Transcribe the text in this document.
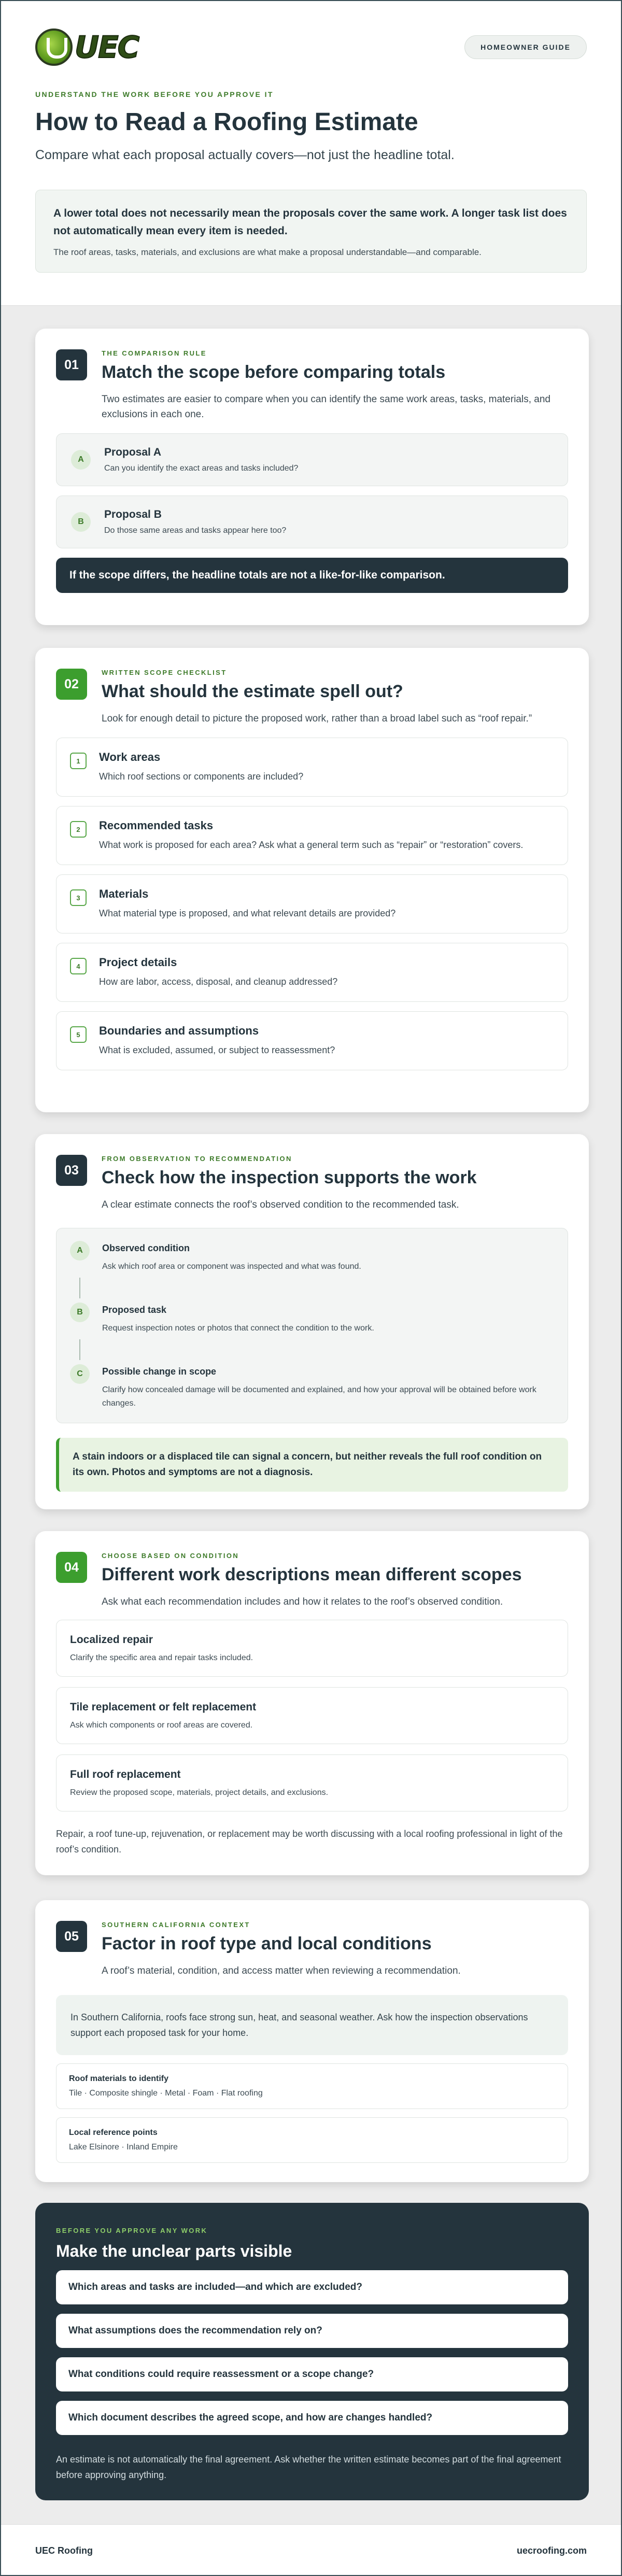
UEC	HOMEOWNER GUIDE
UNDERSTAND THE WORK BEFORE YOU APPROVE IT
How to Read a Roofing Estimate

Compare what each proposal actually covers—not just the headline total.

A lower total does not necessarily mean the proposals cover the same work. A longer task list does not automatically mean every item is needed.

The roof areas, tasks, materials, and exclusions are what make a proposal understandable—and comparable.

01
THE COMPARISON RULE
Match the scope before comparing totals

Two estimates are easier to compare when you can identify the same work areas, tasks, materials, and exclusions in each one.

A
Proposal A
Can you identify the exact areas and tasks included?
B
Proposal B
Do those same areas and tasks appear here too?
If the scope differs, the headline totals are not a like-for-like comparison.
02
WRITTEN SCOPE CHECKLIST
What should the estimate spell out?

Look for enough detail to picture the proposed work, rather than a broad label such as “roof repair.”

1	Work areas
Which roof sections or components are included?
2	Recommended tasks
What work is proposed for each area? Ask what a general term such as “repair” or “restoration” covers.
3	Materials
What material type is proposed, and what relevant details are provided?
4	Project details
How are labor, access, disposal, and cleanup addressed?
5	Boundaries and assumptions
What is excluded, assumed, or subject to reassessment?
03
FROM OBSERVATION TO RECOMMENDATION
Check how the inspection supports the work

A clear estimate connects the roof’s observed condition to the recommended task.

A	Observed condition
Ask which roof area or component was inspected and what was found.
B	Proposed task
Request inspection notes or photos that connect the condition to the work.
C	Possible change in scope
Clarify how concealed damage will be documented and explained, and how your approval will be obtained before work changes.
A stain indoors or a displaced tile can signal a concern, but neither reveals the full roof condition on its own. Photos and symptoms are not a diagnosis.
04
CHOOSE BASED ON CONDITION
Different work descriptions mean different scopes

Ask what each recommendation includes and how it relates to the roof’s observed condition.

Localized repair
Clarify the specific area and repair tasks included.
Tile replacement or felt replacement
Ask which components or roof areas are covered.
Full roof replacement
Review the proposed scope, materials, project details, and exclusions.

Repair, a roof tune-up, rejuvenation, or replacement may be worth discussing with a local roofing professional in light of the roof’s condition.

05
SOUTHERN CALIFORNIA CONTEXT
Factor in roof type and local conditions

A roof’s material, condition, and access matter when reviewing a recommendation.

In Southern California, roofs face strong sun, heat, and seasonal weather. Ask how the inspection observations support each proposed task for your home.
Roof materials to identify
Tile · Composite shingle · Metal · Foam · Flat roofing
Local reference points
Lake Elsinore · Inland Empire
BEFORE YOU APPROVE ANY WORK
Make the unclear parts visible
Which areas and tasks are included—and which are excluded?
What assumptions does the recommendation rely on?
What conditions could require reassessment or a scope change?
Which document describes the agreed scope, and how are changes handled?

An estimate is not automatically the final agreement. Ask whether the written estimate becomes part of the final agreement before approving anything.

UEC Roofing	uecroofing.com
